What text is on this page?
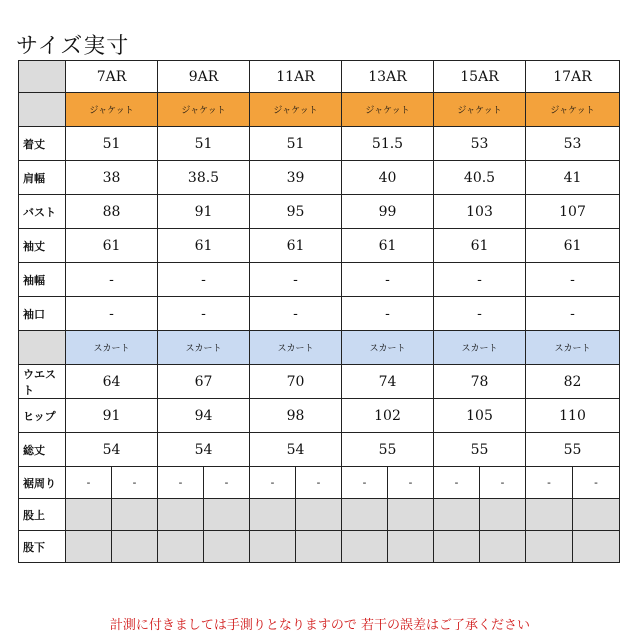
サイズ実寸
	7AR		9AR		11AR		13AR		15AR		17AR	
	ジャケット		ジャケット		ジャケット		ジャケット		ジャケット		ジャケット	
着丈	51		51		51		51.5		53		53	
肩幅	38		38.5		39		40		40.5		41	
バスト	88		91		95		99		103		107	
袖丈	61		61		61		61		61		61	
袖幅	-		-		-		-		-		-	
袖口	-		-		-		-		-		-	
	スカート		スカート		スカート		スカート		スカート		スカート	
ウエスト	64		67		70		74		78		82	
ヒップ	91		94		98		102		105		110	
総丈	54		54		54		55		55		55	
裾周り	-	-	-	-	-	-	-	-	-	-	-	-
股上												
股下												
計測に付きましては手測りとなりますので 若干の誤差はご了承ください
